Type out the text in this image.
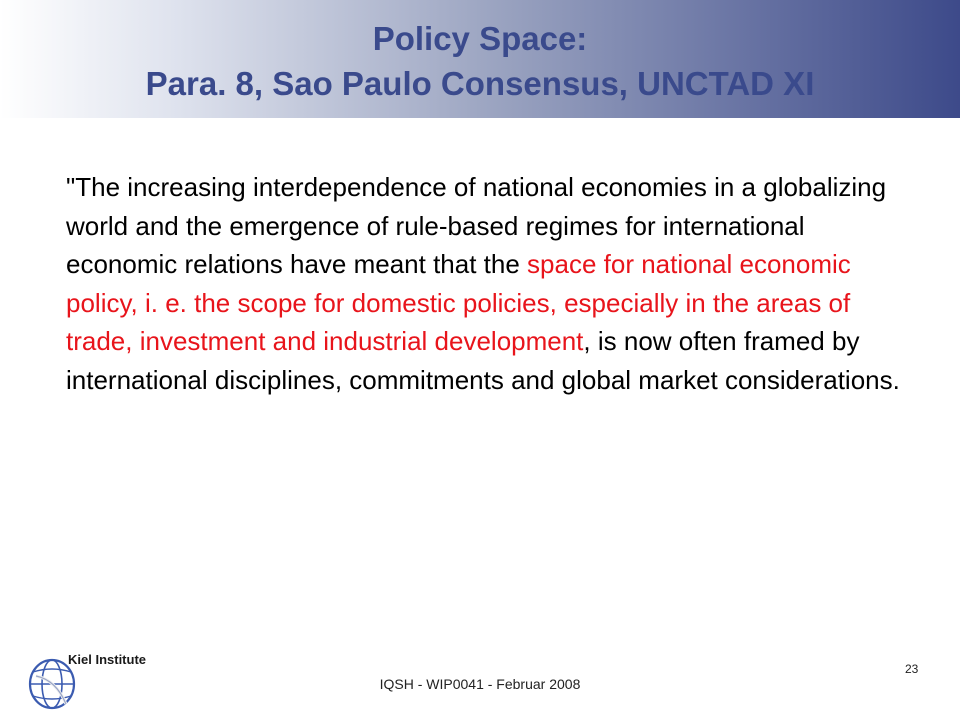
Policy Space:
Para. 8, Sao Paulo Consensus, UNCTAD XI
"The increasing interdependence of national economies in a globalizing world and the emergence of rule-based regimes for international economic relations have meant that the space for national economic policy, i. e. the scope for domestic policies, especially in the areas of trade, investment and industrial development, is now often framed by international disciplines, commitments and global market considerations.
Kiel Institute
IQSH - WIP0041 - Februar 2008
23
